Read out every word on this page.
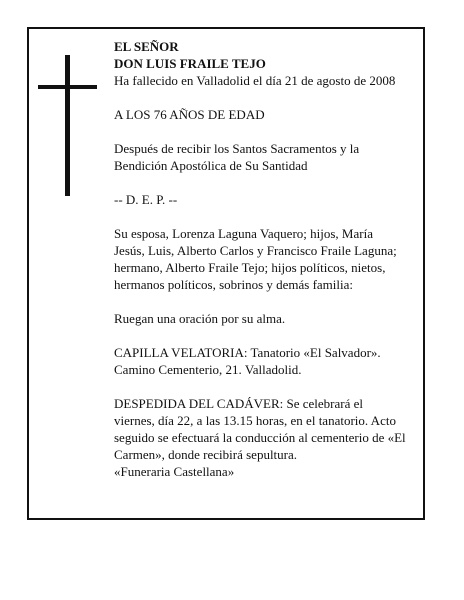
EL SEÑOR
DON LUIS FRAILE TEJO
Ha fallecido en Valladolid el día 21 de agosto de 2008

A LOS 76 AÑOS DE EDAD

Después de recibir los Santos Sacramentos y la
Bendición Apostólica de Su Santidad

-- D. E. P. --

Su esposa, Lorenza Laguna Vaquero; hijos, María
Jesús, Luis, Alberto Carlos y Francisco Fraile Laguna;
hermano, Alberto Fraile Tejo; hijos políticos, nietos,
hermanos políticos, sobrinos y demás familia:

Ruegan una oración por su alma.

CAPILLA VELATORIA: Tanatorio «El Salvador».
Camino Cementerio, 21. Valladolid.

DESPEDIDA DEL CADÁVER: Se celebrará el
viernes, día 22, a las 13.15 horas, en el tanatorio. Acto
seguido se efectuará la conducción al cementerio de «El
Carmen», donde recibirá sepultura.
«Funeraria Castellana»
